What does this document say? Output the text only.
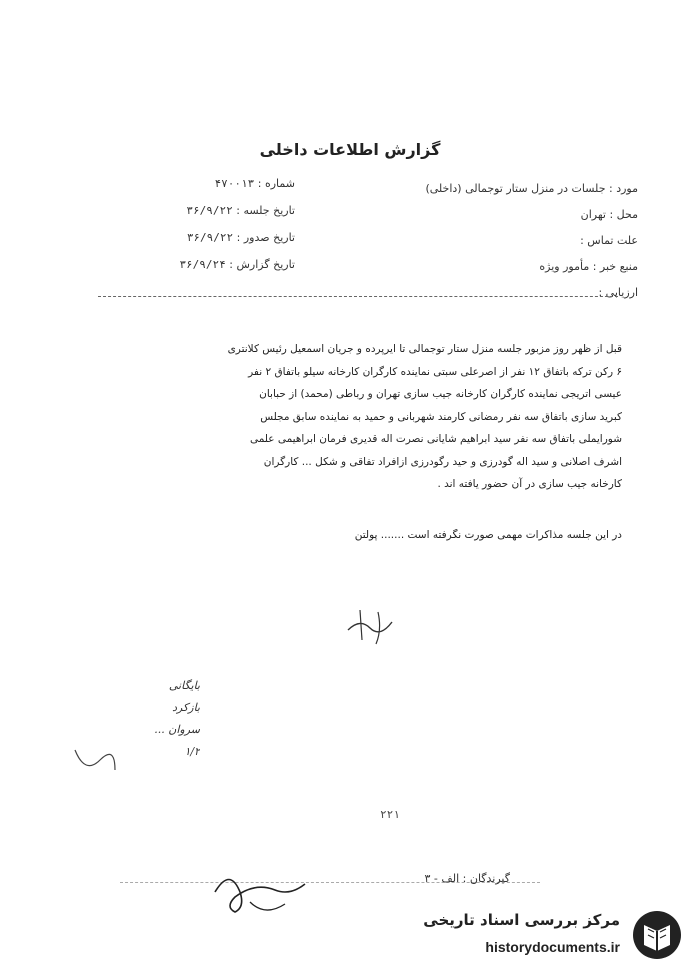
گزارش اطلاعات داخلی
مورد : جلسات در منزل ستار توجمالی (داخلی)
محل : تهران
علت تماس :
منبع خبر : مأمور ویژه
ارزیابی :
شماره : ۴۷۰۰۱۳
تاریخ جلسه : ۳۶/۹/۲۲
تاریخ صدور : ۳۶/۹/۲۲
تاریخ گزارش : ۳۶/۹/۲۴
قبل از ظهر روز مزبور جلسه منزل ستار توجمالی تا ایرپرده و جریان اسمعیل رئیس کلانتری
۶ رکن ترکه باتفاق ۱۲ نفر از اصرعلی سبتی نماینده کارگران کارخانه سیلو باتفاق ۲ نفر
عیسی اتریجی نماینده کارگران کارخانه جیب سازی تهران و رباطی (محمد) از حبابان
کبرید سازی باتفاق سه نفر رمضانی کارمند شهربانی و حمید به نماینده سابق مجلس
شورایملی باتفاق سه نفر سید ابراهیم شایانی نصرت اله قدیری فرمان ابراهیمی علمی
اشرف اصلانی و سید اله گودرزی و حید رگودرزی ازافراد تفاقی و شکل ... کارگران
کارخانه جیب سازی در آن حضور یافته اند .
در این جلسه مذاکرات مهمی صورت نگرفته است ....... پولتن
بایگانی
بازکرد
سروان ...
۱/۲
۲۲۱
گیرندگان : الف - ۳
مرکز بررسی اسناد تاریخی
historydocuments.ir
